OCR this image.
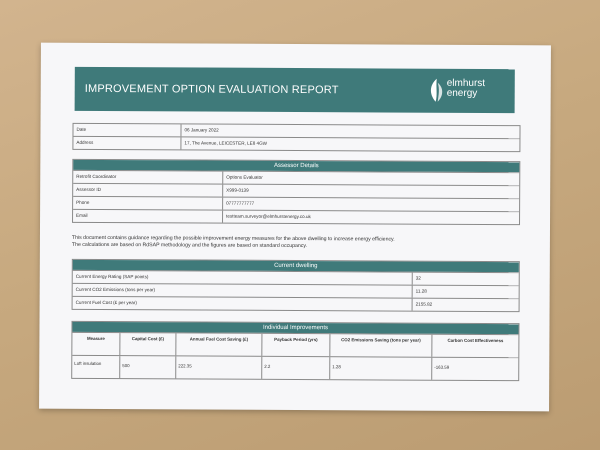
IMPROVEMENT OPTION EVALUATION REPORT	elmhurst
energy
Date	06 January 2022
Address	17, The Avenue, LEICESTER, LE8 4GW
Assessor Details
Retrofit Coordinator	Options Evaluator
Assessor ID	X999-0139
Phone	07777777777
Email	testteam.surveyor@elmhurstenergy.co.uk
This document contains guidance regarding the possible improvement energy measures for the above dwelling to increase energy efficiency.
The calculations are based on RdSAP methodology and the figures are based on standard occupancy.
Current dwelling
Current Energy Rating (SAP points)	32
Current CO2 Emissions (tons per year)	11.28
Current Fuel Cost (£ per year)	2155.82
Individual Improvements
Measure	Capital Cost (£)	Annual Fuel Cost Saving (£)	Payback Period (yrs)	CO2 Emissions Saving (tons per year)	Carbon Cost Effectiveness
Loft insulation	500	222.35	2.2	1.28	-163.59
